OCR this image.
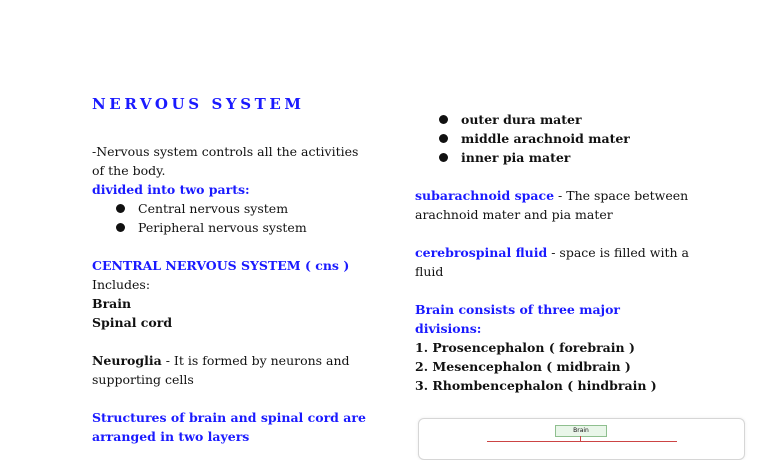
NERVOUS SYSTEM

-Nervous system controls all the activities of the body.

divided into two parts:

Central nervous system
Peripheral nervous system

CENTRAL NERVOUS SYSTEM ( cns )

Includes:

Brain

Spinal cord

Neuroglia - It is formed by neurons and supporting cells

Structures of brain and spinal cord are arranged in two layers

outer dura mater
middle arachnoid mater
inner pia mater

subarachnoid space - The space between arachnoid mater and pia mater

cerebrospinal fluid - space is filled with a fluid

Brain consists of three major divisions:

1. Prosencephalon ( forebrain )

2. Mesencephalon ( midbrain )

3. Rhombencephalon ( hindbrain )

Brain
